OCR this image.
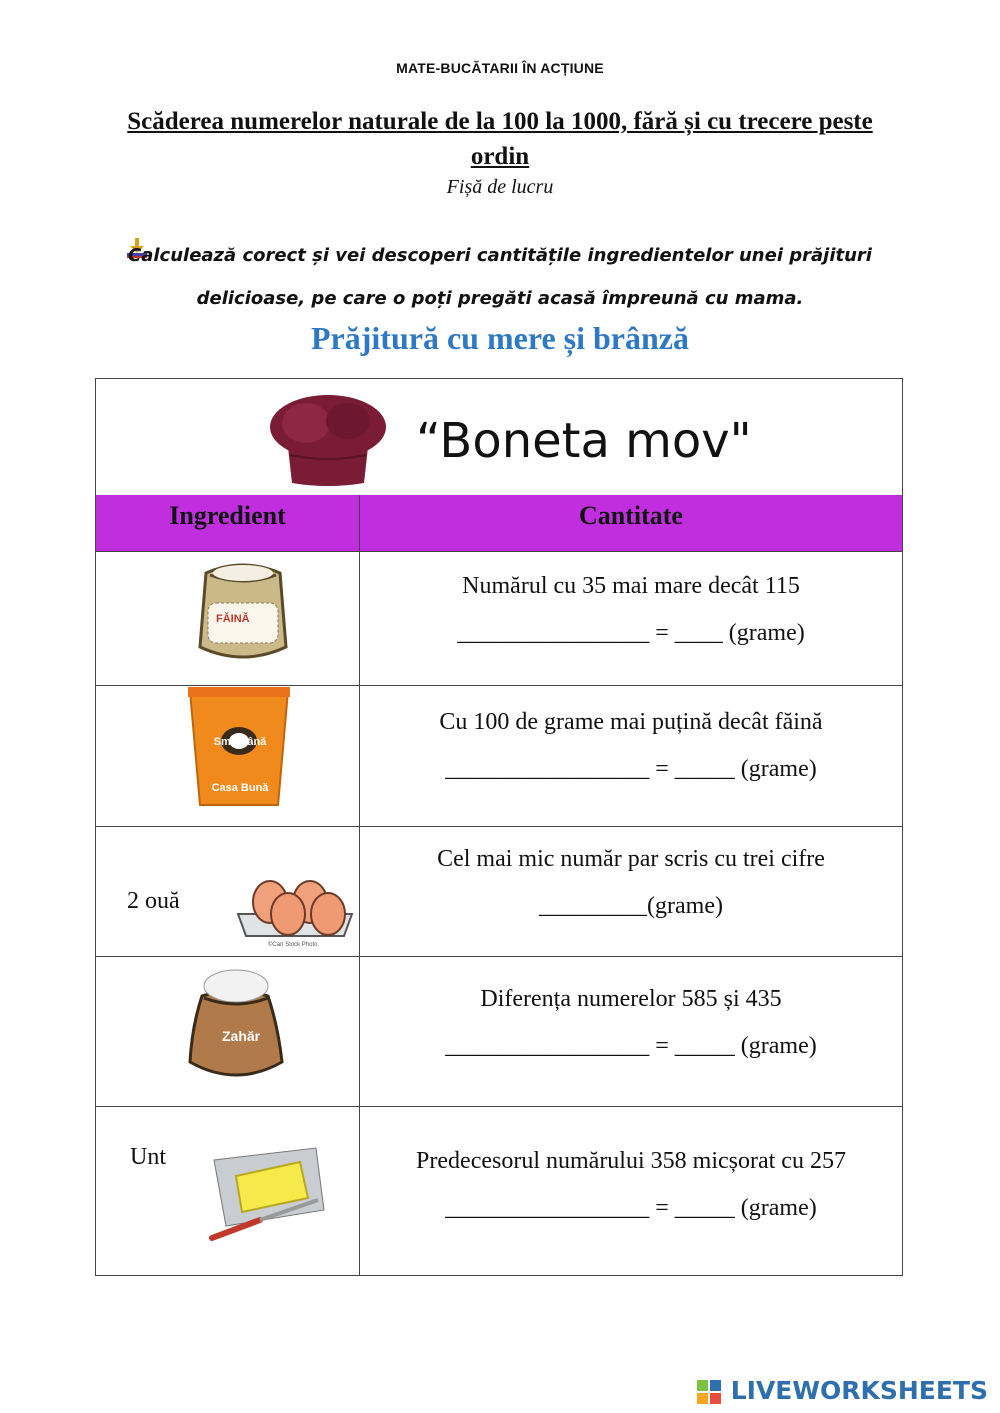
MATE-BUCĂTARII ÎN ACȚIUNE
Scăderea numerelor naturale de la 100 la 1000, fără și cu trecere peste ordin
Fișă de lucru
Calculează corect și vei descoperi cantitățile ingredientelor unei prăjituri delicioase, pe care o poți pregăti acasă împreună cu mama.
Prăjitură cu mere și brânză
“Boneta mov"
Ingredient	Cantitate
FĂINĂ
Numărul cu 35 mai mare decât 115
________________ = ____ (grame)
Smântână Casa Bună
Cu 100 de grame mai puțină decât făină
_________________ = _____ (grame)
2 ouă
©Can Stock Photo
Cel mai mic număr par scris cu trei cifre
_________(grame)
Zahăr
Diferența numerelor 585 și 435
_________________ = _____ (grame)
Unt	Predecesorul numărului 358 micșorat cu 257
_________________ = _____ (grame)
LIVEWORKSHEETS
